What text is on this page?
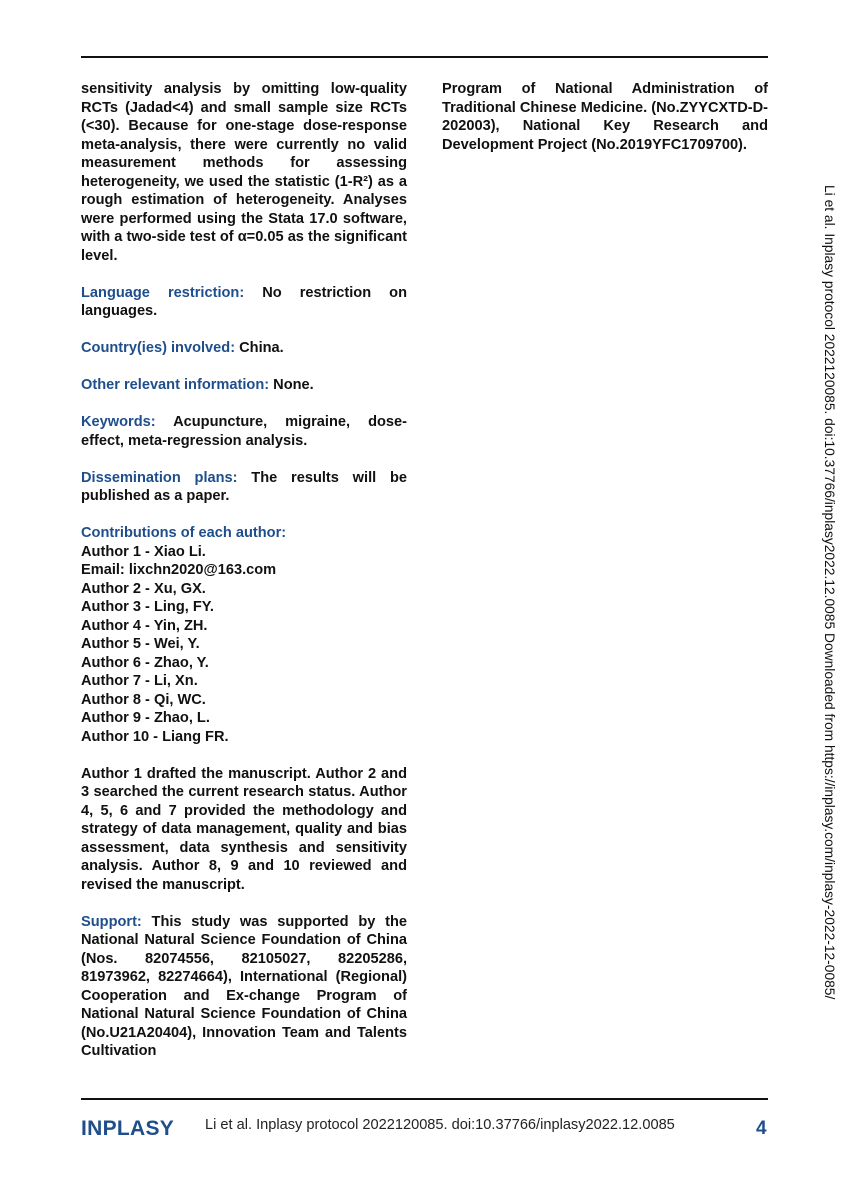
sensitivity analysis by omitting low-quality RCTs (Jadad<4) and small sample size RCTs (<30). Because for one-stage dose-response meta-analysis, there were currently no valid measurement methods for assessing heterogeneity, we used the statistic (1-R²) as a rough estimation of heterogeneity. Analyses were performed using the Stata 17.0 software, with a two-side test of α=0.05 as the significant level.

Language restriction: No restriction on languages.

Country(ies) involved: China.

Other relevant information: None.

Keywords: Acupuncture, migraine, dose-effect, meta-regression analysis.

Dissemination plans: The results will be published as a paper.

Contributions of each author:
Author 1 - Xiao Li.
Email: lixchn2020@163.com
Author 2 - Xu, GX.
Author 3 - Ling, FY.
Author 4 - Yin, ZH.
Author 5 - Wei, Y.
Author 6 - Zhao, Y.
Author 7 - Li, Xn.
Author 8 - Qi, WC.
Author 9 - Zhao, L.
Author 10 - Liang FR.

Author 1 drafted the manuscript. Author 2 and 3 searched the current research status. Author 4, 5, 6 and 7 provided the methodology and strategy of data management, quality and bias assessment, data synthesis and sensitivity analysis. Author 8, 9 and 10 reviewed and revised the manuscript.

Support: This study was supported by the National Natural Science Foundation of China (Nos. 82074556, 82105027, 82205286, 81973962, 82274664), International (Regional) Cooperation and Ex-change Program of National Natural Science Foundation of China (No.U21A20404), Innovation Team and Talents Cultivation

Program of National Administration of Traditional Chinese Medicine. (No.ZYYCXTD-D-202003), National Key Research and Development Project (No.2019YFC1709700).

Li et al. Inplasy protocol 2022120085. doi:10.37766/inplasy2022.12.0085 Downloaded from https://inplasy.com/inplasy-2022-12-0085/
INPLASY Li et al. Inplasy protocol 2022120085. doi:10.37766/inplasy2022.12.0085	4
